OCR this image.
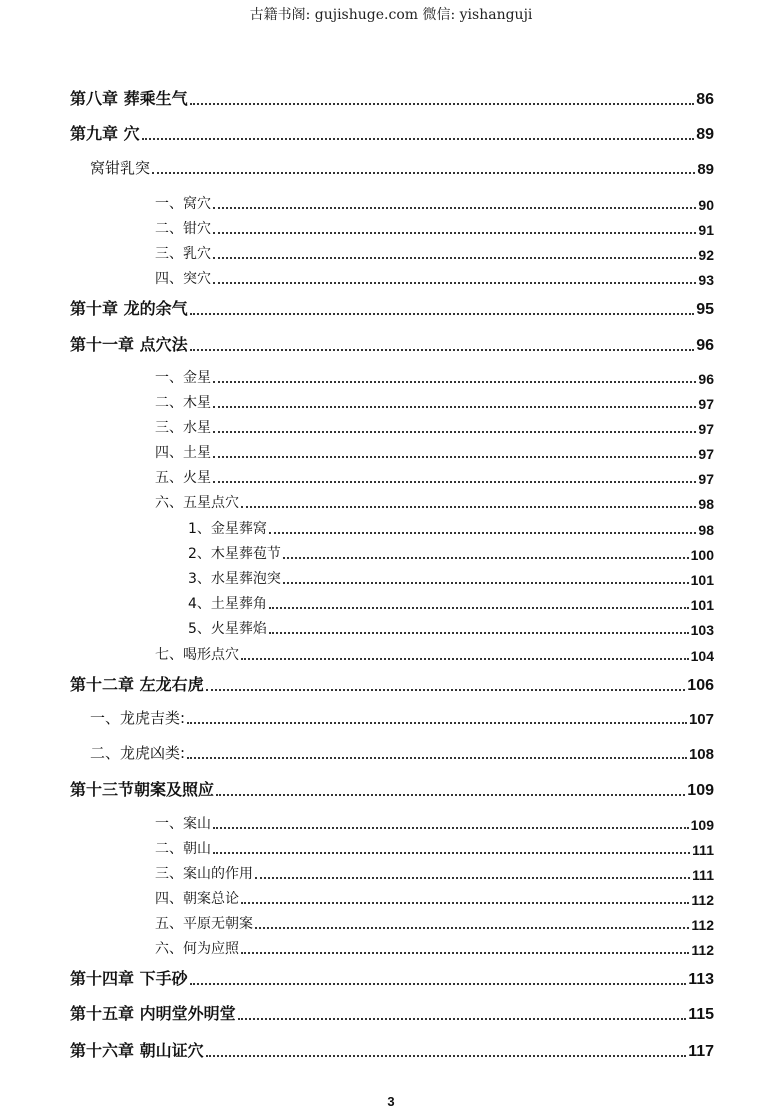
古籍书阁: gujishuge.com 微信: yishanguji
第八章 葬乘生气	86
第九章 穴	89
窝钳乳突	89
一、窝穴	90
二、钳穴	91
三、乳穴	92
四、突穴	93
第十章 龙的余气	95
第十一章 点穴法	96
一、金星	96
二、木星	97
三、水星	97
四、土星	97
五、火星	97
六、五星点穴	98
1、金星葬窝	98
2、木星葬苞节	100
3、水星葬泡突	101
4、土星葬角	101
5、火星葬焰	103
七、喝形点穴	104
第十二章 左龙右虎	106
一、龙虎吉类:	107
二、龙虎凶类:	108
第十三节朝案及照应	109
一、案山	109
二、朝山	111
三、案山的作用	111
四、朝案总论	112
五、平原无朝案	112
六、何为应照	112
第十四章 下手砂	113
第十五章 内明堂外明堂	115
第十六章 朝山证穴	117
3
